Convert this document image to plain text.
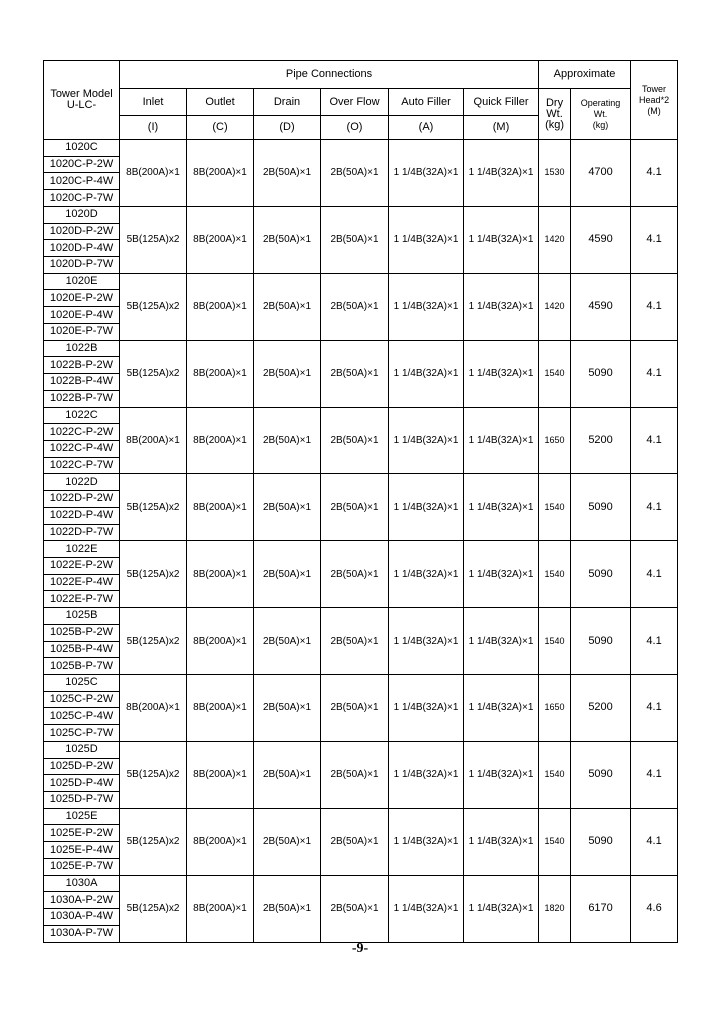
Tower Model U-LC-	Pipe Connections						Approximate		Tower
Head*2
(M)
	Inlet	Outlet	Drain	Over Flow	Auto Filler	Quick Filler	Dry
Wt.
(kg)	Operating
Wt.
(kg)	
	(I)	(C)	(D)	(O)	(A)	(M)			
1020C	8B(200A)×1	8B(200A)×1	2B(50A)×1	2B(50A)×1	1 1/4B(32A)×1	1 1/4B(32A)×1	1530	4700	4.1
1020C-P-2W									
1020C-P-4W									
1020C-P-7W									
1020D	5B(125A)x2	8B(200A)×1	2B(50A)×1	2B(50A)×1	1 1/4B(32A)×1	1 1/4B(32A)×1	1420	4590	4.1
1020D-P-2W									
1020D-P-4W									
1020D-P-7W									
1020E	5B(125A)x2	8B(200A)×1	2B(50A)×1	2B(50A)×1	1 1/4B(32A)×1	1 1/4B(32A)×1	1420	4590	4.1
1020E-P-2W									
1020E-P-4W									
1020E-P-7W									
1022B	5B(125A)x2	8B(200A)×1	2B(50A)×1	2B(50A)×1	1 1/4B(32A)×1	1 1/4B(32A)×1	1540	5090	4.1
1022B-P-2W									
1022B-P-4W									
1022B-P-7W									
1022C	8B(200A)×1	8B(200A)×1	2B(50A)×1	2B(50A)×1	1 1/4B(32A)×1	1 1/4B(32A)×1	1650	5200	4.1
1022C-P-2W									
1022C-P-4W									
1022C-P-7W									
1022D	5B(125A)x2	8B(200A)×1	2B(50A)×1	2B(50A)×1	1 1/4B(32A)×1	1 1/4B(32A)×1	1540	5090	4.1
1022D-P-2W									
1022D-P-4W									
1022D-P-7W									
1022E	5B(125A)x2	8B(200A)×1	2B(50A)×1	2B(50A)×1	1 1/4B(32A)×1	1 1/4B(32A)×1	1540	5090	4.1
1022E-P-2W									
1022E-P-4W									
1022E-P-7W									
1025B	5B(125A)x2	8B(200A)×1	2B(50A)×1	2B(50A)×1	1 1/4B(32A)×1	1 1/4B(32A)×1	1540	5090	4.1
1025B-P-2W									
1025B-P-4W									
1025B-P-7W									
1025C	8B(200A)×1	8B(200A)×1	2B(50A)×1	2B(50A)×1	1 1/4B(32A)×1	1 1/4B(32A)×1	1650	5200	4.1
1025C-P-2W									
1025C-P-4W									
1025C-P-7W									
1025D	5B(125A)x2	8B(200A)×1	2B(50A)×1	2B(50A)×1	1 1/4B(32A)×1	1 1/4B(32A)×1	1540	5090	4.1
1025D-P-2W									
1025D-P-4W									
1025D-P-7W									
1025E	5B(125A)x2	8B(200A)×1	2B(50A)×1	2B(50A)×1	1 1/4B(32A)×1	1 1/4B(32A)×1	1540	5090	4.1
1025E-P-2W									
1025E-P-4W									
1025E-P-7W									
1030A	5B(125A)x2	8B(200A)×1	2B(50A)×1	2B(50A)×1	1 1/4B(32A)×1	1 1/4B(32A)×1	1820	6170	4.6
1030A-P-2W									
1030A-P-4W									
1030A-P-7W									
-9-
